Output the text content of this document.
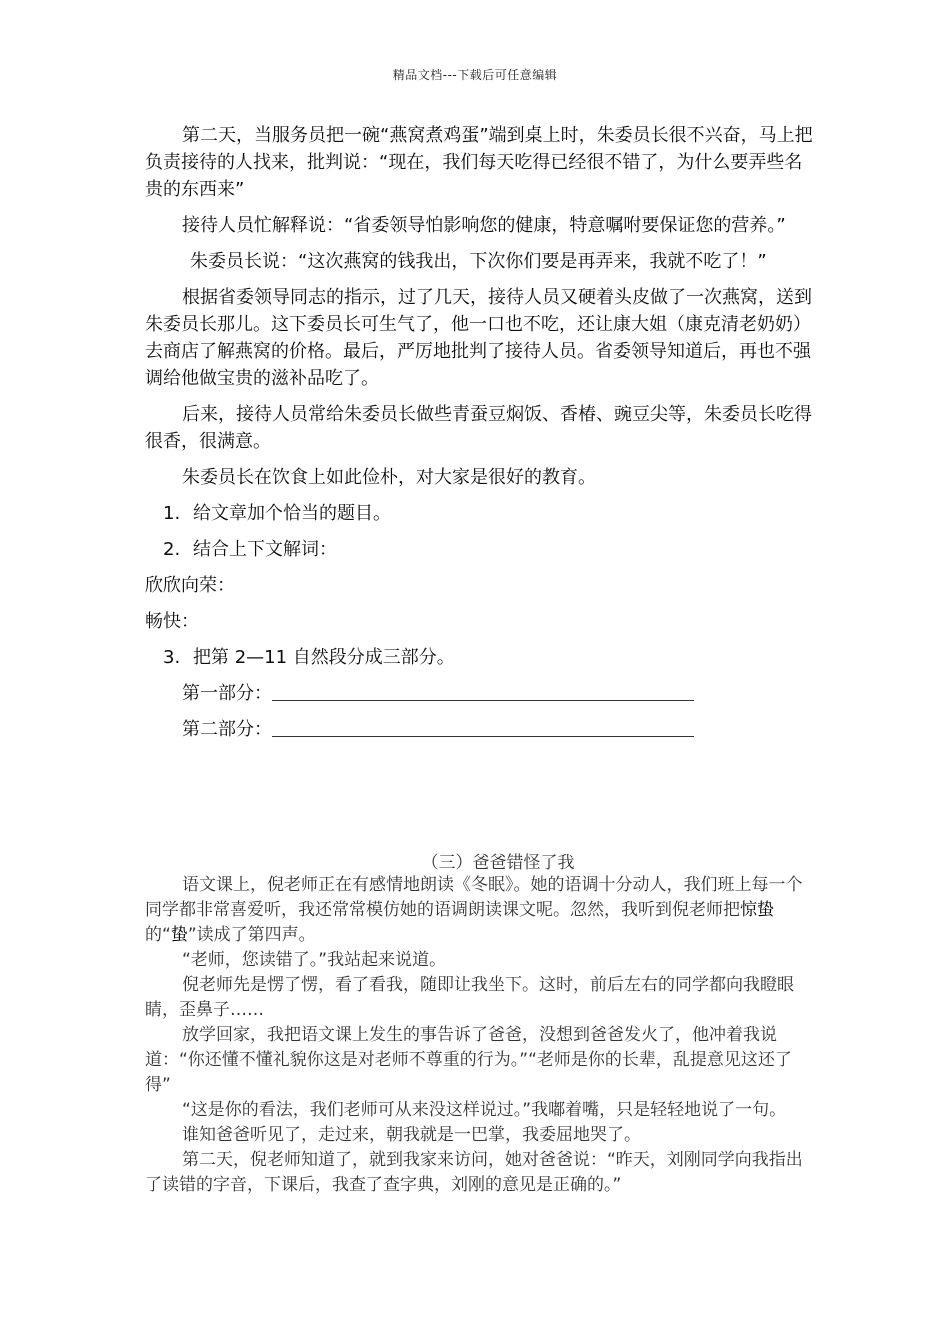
精品文档---下载后可任意编辑

第二天，当服务员把一碗“燕窝煮鸡蛋”端到桌上时，朱委员长很不兴奋，马上把负责接待的人找来，批判说：“现在，我们每天吃得已经很不错了，为什么要弄些名贵的东西来”

接待人员忙解释说：“省委领导怕影响您的健康，特意嘱咐要保证您的营养。”

朱委员长说：“这次燕窝的钱我出，下次你们要是再弄来，我就不吃了！”

根据省委领导同志的指示，过了几天，接待人员又硬着头皮做了一次燕窝，送到朱委员长那儿。这下委员长可生气了，他一口也不吃，还让康大姐（康克清老奶奶）去商店了解燕窝的价格。最后，严厉地批判了接待人员。省委领导知道后，再也不强调给他做宝贵的滋补品吃了。

后来，接待人员常给朱委员长做些青蚕豆焖饭、香椿、豌豆尖等，朱委员长吃得很香，很满意。

朱委员长在饮食上如此俭朴，对大家是很好的教育。

1. 给文章加个恰当的题目。

2. 结合上下文解词：

欣欣向荣：

畅快：

3. 把第 2—11 自然段分成三部分。

第一部分：

第二部分：

（三）爸爸错怪了我

语文课上，倪老师正在有感情地朗读《冬眠》。她的语调十分动人，我们班上每一个同学都非常喜爱听，我还常常模仿她的语调朗读课文呢。忽然，我听到倪老师把惊蛰的“蛰”读成了第四声。

“老师，您读错了。”我站起来说道。

倪老师先是愣了愣，看了看我，随即让我坐下。这时，前后左右的同学都向我瞪眼睛，歪鼻子……

放学回家，我把语文课上发生的事告诉了爸爸，没想到爸爸发火了，他冲着我说道：“你还懂不懂礼貌你这是对老师不尊重的行为。”“老师是你的长辈，乱提意见这还了得”

“这是你的看法，我们老师可从来没这样说过。”我嘟着嘴，只是轻轻地说了一句。

谁知爸爸听见了，走过来，朝我就是一巴掌，我委屈地哭了。

第二天，倪老师知道了，就到我家来访问，她对爸爸说：“昨天，刘刚同学向我指出了读错的字音，下课后，我查了查字典，刘刚的意见是正确的。”
